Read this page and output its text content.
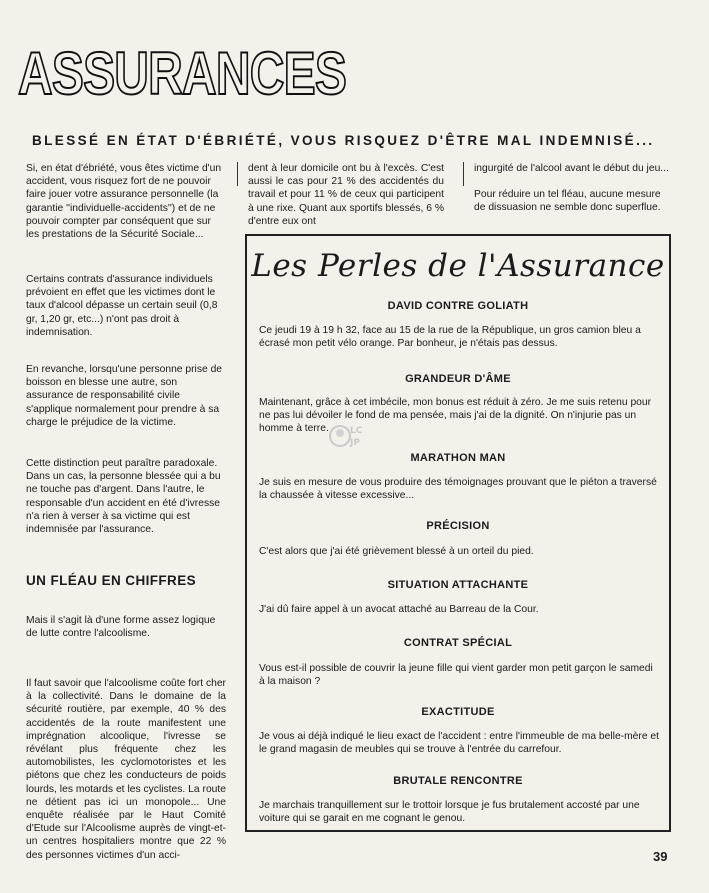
ASSURANCES
BLESSÉ EN ÉTAT D'ÉBRIÉTÉ, VOUS RISQUEZ D'ÊTRE MAL INDEMNISÉ...

Si, en état d'ébriété, vous êtes victime d'un accident, vous risquez fort de ne pouvoir faire jouer votre assurance personnelle (la garantie ''individuelle-accidents'') et de ne pouvoir compter par conséquent que sur les prestations de la Sécurité Sociale...

Certains contrats d'assurance individuels prévoient en effet que les victimes dont le taux d'alcool dépasse un certain seuil (0,8 gr, 1,20 gr, etc...) n'ont pas droit à indemnisation.

En revanche, lorsqu'une personne prise de boisson en blesse une autre, son assurance de responsabilité civile s'applique normalement pour prendre à sa charge le préjudice de la victime.

Cette distinction peut paraître paradoxale. Dans un cas, la personne blessée qui a bu ne touche pas d'argent. Dans l'autre, le responsable d'un accident en été d'ivresse n'a rien à verser à sa victime qui est indemnisée par l'assurance.

UN FLÉAU EN CHIFFRES

Mais il s'agit là d'une forme assez logique de lutte contre l'alcoolisme.

Il faut savoir que l'alcoolisme coûte fort cher à la collectivité. Dans le domaine de la sécurité routière, par exemple, 40 % des accidentés de la route manifestent une imprégnation alcoolique, l'ivresse se révélant plus fréquente chez les automobilistes, les cyclomotoristes et les piétons que chez les conducteurs de poids lourds, les motards et les cyclistes. La route ne détient pas ici un monopole... Une enquête réalisée par le Haut Comité d'Etude sur l'Alcoolisme auprès de vingt-et-un centres hospitaliers montre que 22 % des personnes victimes d'un acci-

dent à leur domicile ont bu à l'excès. C'est aussi le cas pour 21 % des accidentés du travail et pour 11 % de ceux qui participent à une rixe. Quant aux sportifs blessés, 6 % d'entre eux ont

ingurgité de l'alcool avant le début du jeu...

Pour réduire un tel fléau, aucune mesure de dissuasion ne semble donc superflue.

Les Perles de l'Assurance
DAVID CONTRE GOLIATH
Ce jeudi 19 à 19 h 32, face au 15 de la rue de la République, un gros camion bleu a écrasé mon petit vélo orange. Par bonheur, je n'étais pas dessus.
GRANDEUR D'ÂME
Maintenant, grâce à cet imbécile, mon bonus est réduit à zéro. Je me suis retenu pour ne pas lui dévoiler le fond de ma pensée, mais j'ai de la dignité. On n'injurie pas un homme à terre.
MARATHON MAN
Je suis en mesure de vous produire des témoignages prouvant que le piéton a traversé la chaussée à vitesse excessive...
PRÉCISION
C'est alors que j'ai été grièvement blessé à un orteil du pied.
SITUATION ATTACHANTE
J'ai dû faire appel à un avocat attaché au Barreau de la Cour.
CONTRAT SPÉCIAL
Vous est-il possible de couvrir la jeune fille qui vient garder mon petit garçon le samedi à la maison ?
EXACTITUDE
Je vous ai déjà indiqué le lieu exact de l'accident : entre l'immeuble de ma belle-mère et le grand magasin de meubles qui se trouve à l'entrée du carrefour.
BRUTALE RENCONTRE
Je marchais tranquillement sur le trottoir lorsque je fus brutalement accosté par une voiture qui se garait en me cognant le genou.
LC
JP
39
